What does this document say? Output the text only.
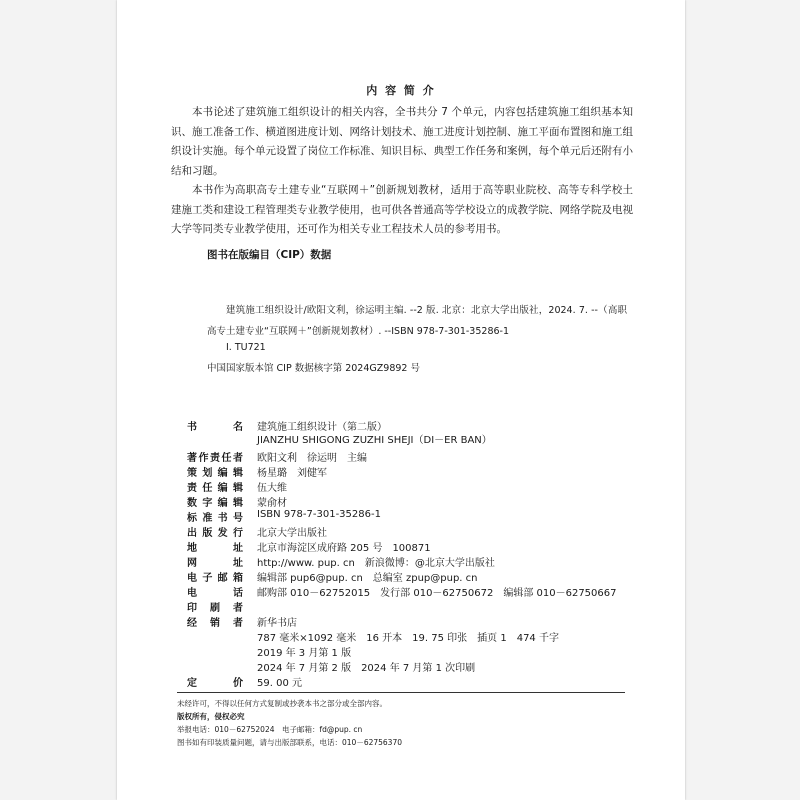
内 容 简 介
本书论述了建筑施工组织设计的相关内容，全书共分 7 个单元，内容包括建筑施工组织基本知识、施工准备工作、横道图进度计划、网络计划技术、施工进度计划控制、施工平面布置图和施工组织设计实施。每个单元设置了岗位工作标准、知识目标、典型工作任务和案例，每个单元后还附有小结和习题。
本书作为高职高专土建专业“互联网＋”创新规划教材，适用于高等职业院校、高等专科学校土建施工类和建设工程管理类专业教学使用，也可供各普通高等学校设立的成教学院、网络学院及电视大学等同类专业教学使用，还可作为相关专业工程技术人员的参考用书。
图书在版编目（CIP）数据
建筑施工组织设计/欧阳文利，徐运明主编. --2 版. 北京：北京大学出版社，2024. 7. --（高职高专土建专业“互联网＋”创新规划教材）. --ISBN 978-7-301-35286-1
Ⅰ. TU721
中国国家版本馆 CIP 数据核字第 2024GZ9892 号
书　　名 建筑施工组织设计（第二版）
JIANZHU SHIGONG ZUZHI SHEJI（DI－ER BAN）
著作责任者 欧阳文利　徐运明　主编
策划编辑 杨星璐　刘健军
责任编辑 伍大维
数字编辑 蒙俞材
标准书号 ISBN 978-7-301-35286-1
出版发行 北京大学出版社
地　　址 北京市海淀区成府路 205 号　100871
网　　址 http://www. pup. cn　新浪微博：@北京大学出版社
电子邮箱 编辑部 pup6@pup. cn　总编室 zpup@pup. cn
电　　话 邮购部 010－62752015　发行部 010－62750672　编辑部 010－62750667
印 刷 者
经 销 者 新华书店
787 毫米×1092 毫米　16 开本　19. 75 印张　插页 1　474 千字
2019 年 3 月第 1 版
2024 年 7 月第 2 版　2024 年 7 月第 1 次印刷
定　　价 59. 00 元
未经许可，不得以任何方式复制或抄袭本书之部分或全部内容。
版权所有，侵权必究
举报电话：010－62752024　电子邮箱：fd@pup. cn
图书如有印装质量问题，请与出版部联系，电话：010－62756370
